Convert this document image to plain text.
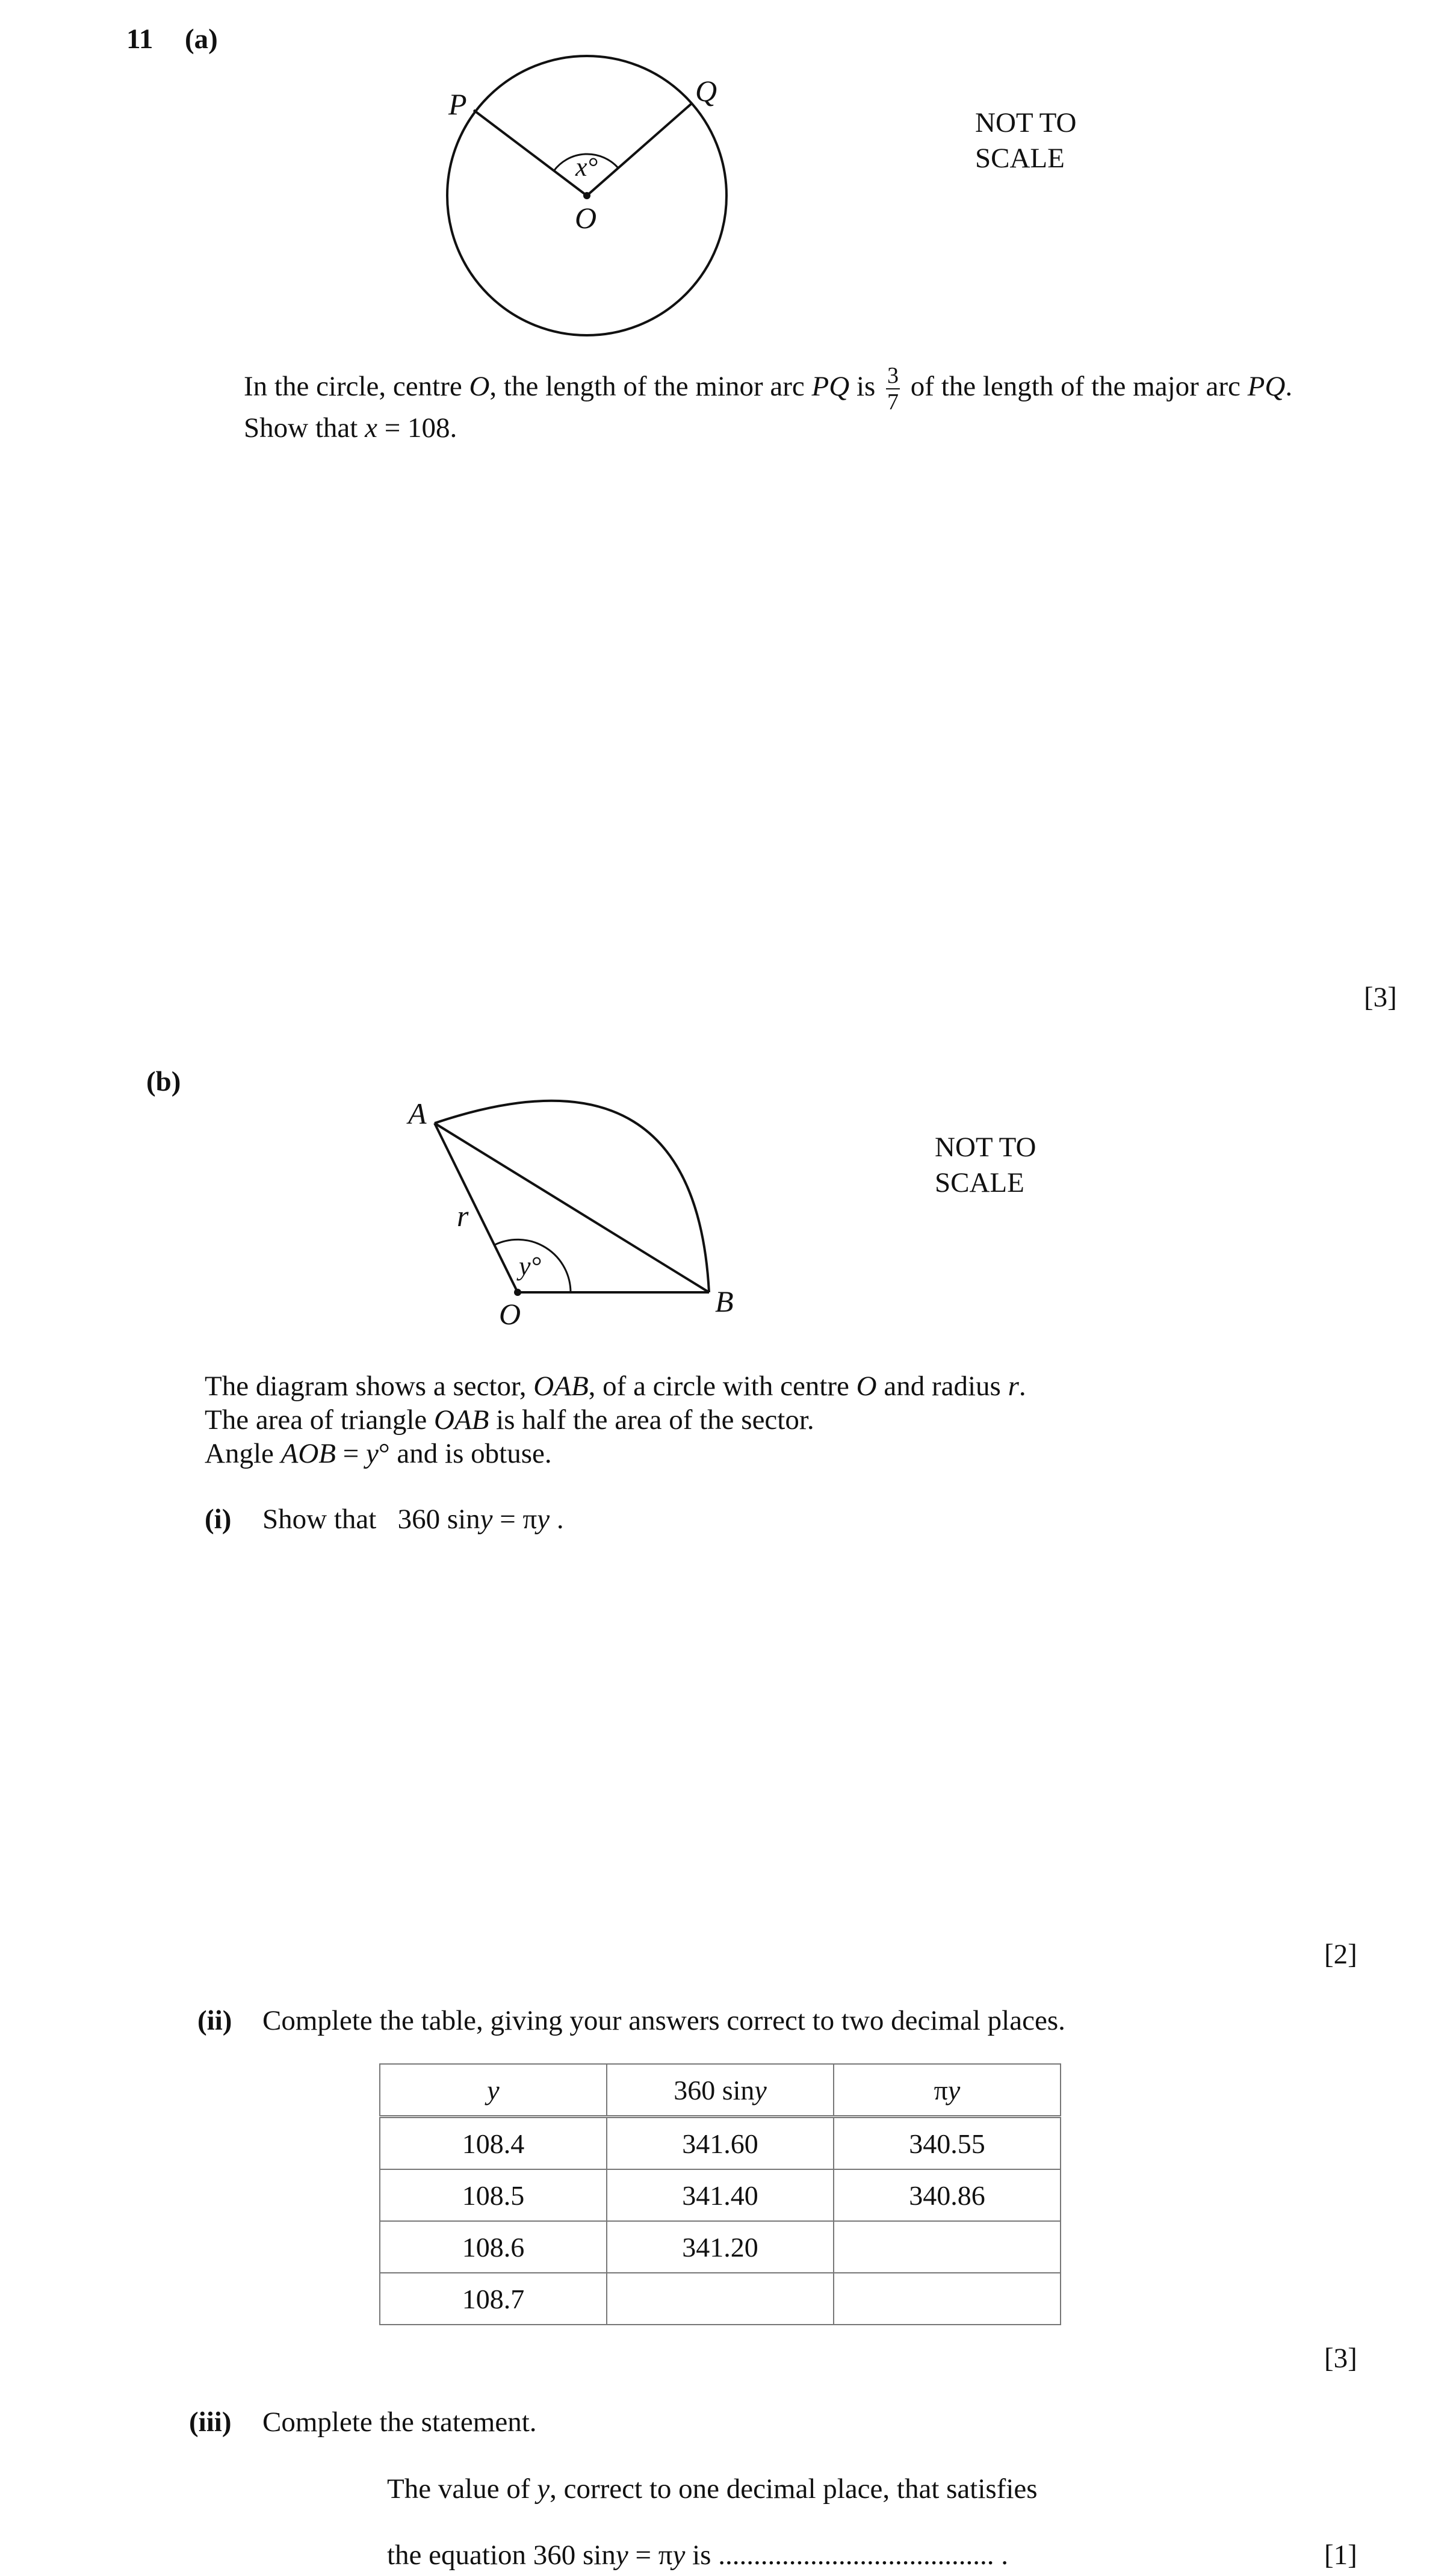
11 (a)
P	Q
O
x°
NOT TO
SCALE
In the circle, centre O, the length of the minor arc PQ is $\frac{3}{7}$ of the length of the major arc PQ.
Show that x = 108.
[3]
(b)
A
B
O
r
y°
NOT TO
SCALE
The diagram shows a sector, OAB, of a circle with centre O and radius r.
The area of triangle OAB is half the area of the sector.
Angle AOB = y° and is obtuse.
(i) Show that 360 siny = πy .
[2]
(ii) Complete the table, giving your answers correct to two decimal places.
y	360 siny	πy
108.4	341.60	340.55
108.5	341.40	340.86
108.6	341.20	
108.7		
[3]
(iii) Complete the statement.
The value of y, correct to one decimal place, that satisfies
the equation 360 siny = πy is ....................................... .	[1]
